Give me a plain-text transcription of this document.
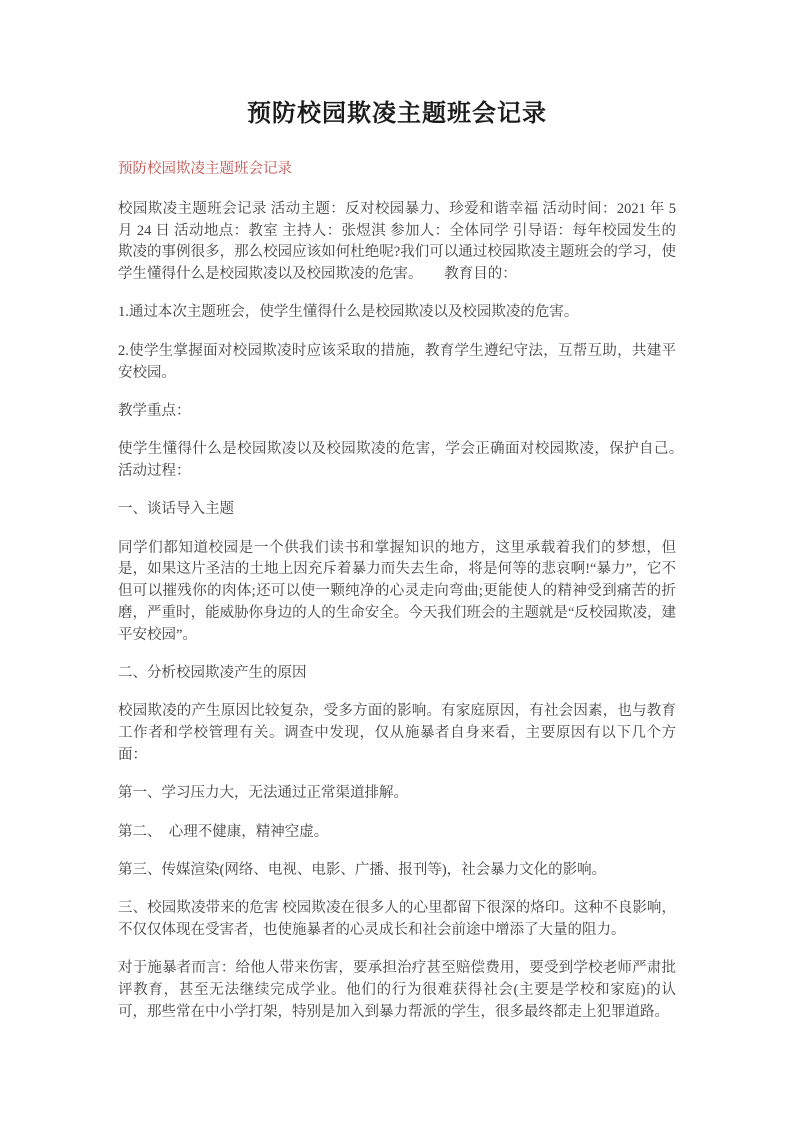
预防校园欺凌主题班会记录

预防校园欺凌主题班会记录

校园欺凌主题班会记录 活动主题：反对校园暴力、珍爱和谐幸福 活动时间：2021 年 5 月 24 日 活动地点：教室 主持人：张煜淇 参加人：全体同学 引导语：每年校园发生的欺凌的事例很多，那么校园应该如何杜绝呢?我们可以通过校园欺凌主题班会的学习，使学生懂得什么是校园欺凌以及校园欺凌的危害。　　教育目的：

1.通过本次主题班会，使学生懂得什么是校园欺凌以及校园欺凌的危害。

2.使学生掌握面对校园欺凌时应该采取的措施，教育学生遵纪守法，互帮互助，共建平安校园。

教学重点：

使学生懂得什么是校园欺凌以及校园欺凌的危害，学会正确面对校园欺凌，保护自己。　　活动过程：

一、谈话导入主题

同学们都知道校园是一个供我们读书和掌握知识的地方，这里承载着我们的梦想，但是，如果这片圣洁的土地上因充斥着暴力而失去生命，将是何等的悲哀啊!“暴力”，它不但可以摧残你的肉体;还可以使一颗纯净的心灵走向弯曲;更能使人的精神受到痛苦的折磨，严重时，能威胁你身边的人的生命安全。今天我们班会的主题就是“反校园欺凌，建平安校园”。

二、分析校园欺凌产生的原因

校园欺凌的产生原因比较复杂，受多方面的影响。有家庭原因，有社会因素，也与教育工作者和学校管理有关。调查中发现，仅从施暴者自身来看，主要原因有以下几个方面：

第一、学习压力大，无法通过正常渠道排解。

第二、　心理不健康，精神空虚。

第三、传媒渲染(网络、电视、电影、广播、报刊等)，社会暴力文化的影响。

三、校园欺凌带来的危害 校园欺凌在很多人的心里都留下很深的烙印。这种不良影响，不仅仅体现在受害者，也使施暴者的心灵成长和社会前途中增添了大量的阻力。

对于施暴者而言：给他人带来伤害，要承担治疗甚至赔偿费用，要受到学校老师严肃批评教育，甚至无法继续完成学业。他们的行为很难获得社会(主要是学校和家庭)的认可，那些常在中小学打架，特别是加入到暴力帮派的学生，很多最终都走上犯罪道路。
